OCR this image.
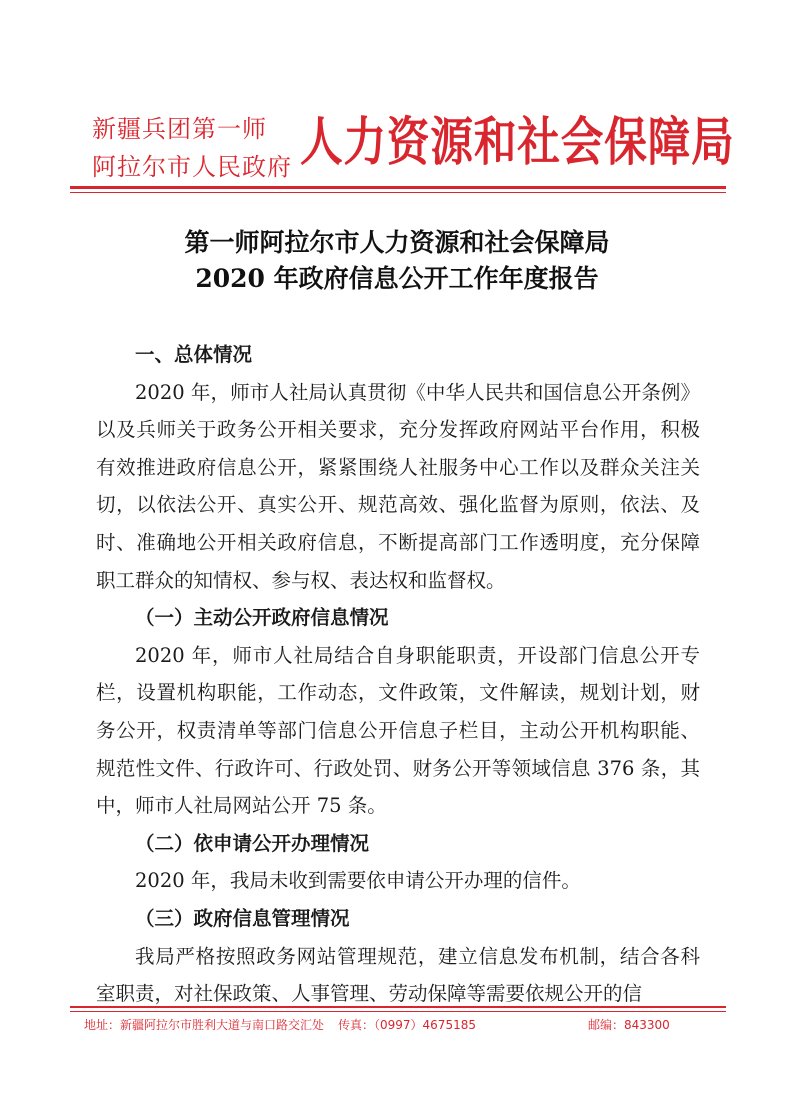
新疆兵团第一师
阿拉尔市人民政府 人力资源和社会保障局
第一师阿拉尔市人力资源和社会保障局
2020 年政府信息公开工作年度报告

一、总体情况

2020 年，师市人社局认真贯彻《中华人民共和国信息公开条例》以及兵师关于政务公开相关要求，充分发挥政府网站平台作用，积极有效推进政府信息公开，紧紧围绕人社服务中心工作以及群众关注关切，以依法公开、真实公开、规范高效、强化监督为原则，依法、及时、准确地公开相关政府信息，不断提高部门工作透明度，充分保障职工群众的知情权、参与权、表达权和监督权。

（一）主动公开政府信息情况

2020 年，师市人社局结合自身职能职责，开设部门信息公开专栏，设置机构职能，工作动态，文件政策，文件解读，规划计划，财务公开，权责清单等部门信息公开信息子栏目，主动公开机构职能、规范性文件、行政许可、行政处罚、财务公开等领域信息 376 条，其中，师市人社局网站公开 75 条。

（二）依申请公开办理情况

2020 年，我局未收到需要依申请公开办理的信件。

（三）政府信息管理情况

我局严格按照政务网站管理规范，建立信息发布机制，结合各科室职责，对社保政策、人事管理、劳动保障等需要依规公开的信

地址：新疆阿拉尔市胜利大道与南口路交汇处 传真：（0997）4675185	邮编：843300
